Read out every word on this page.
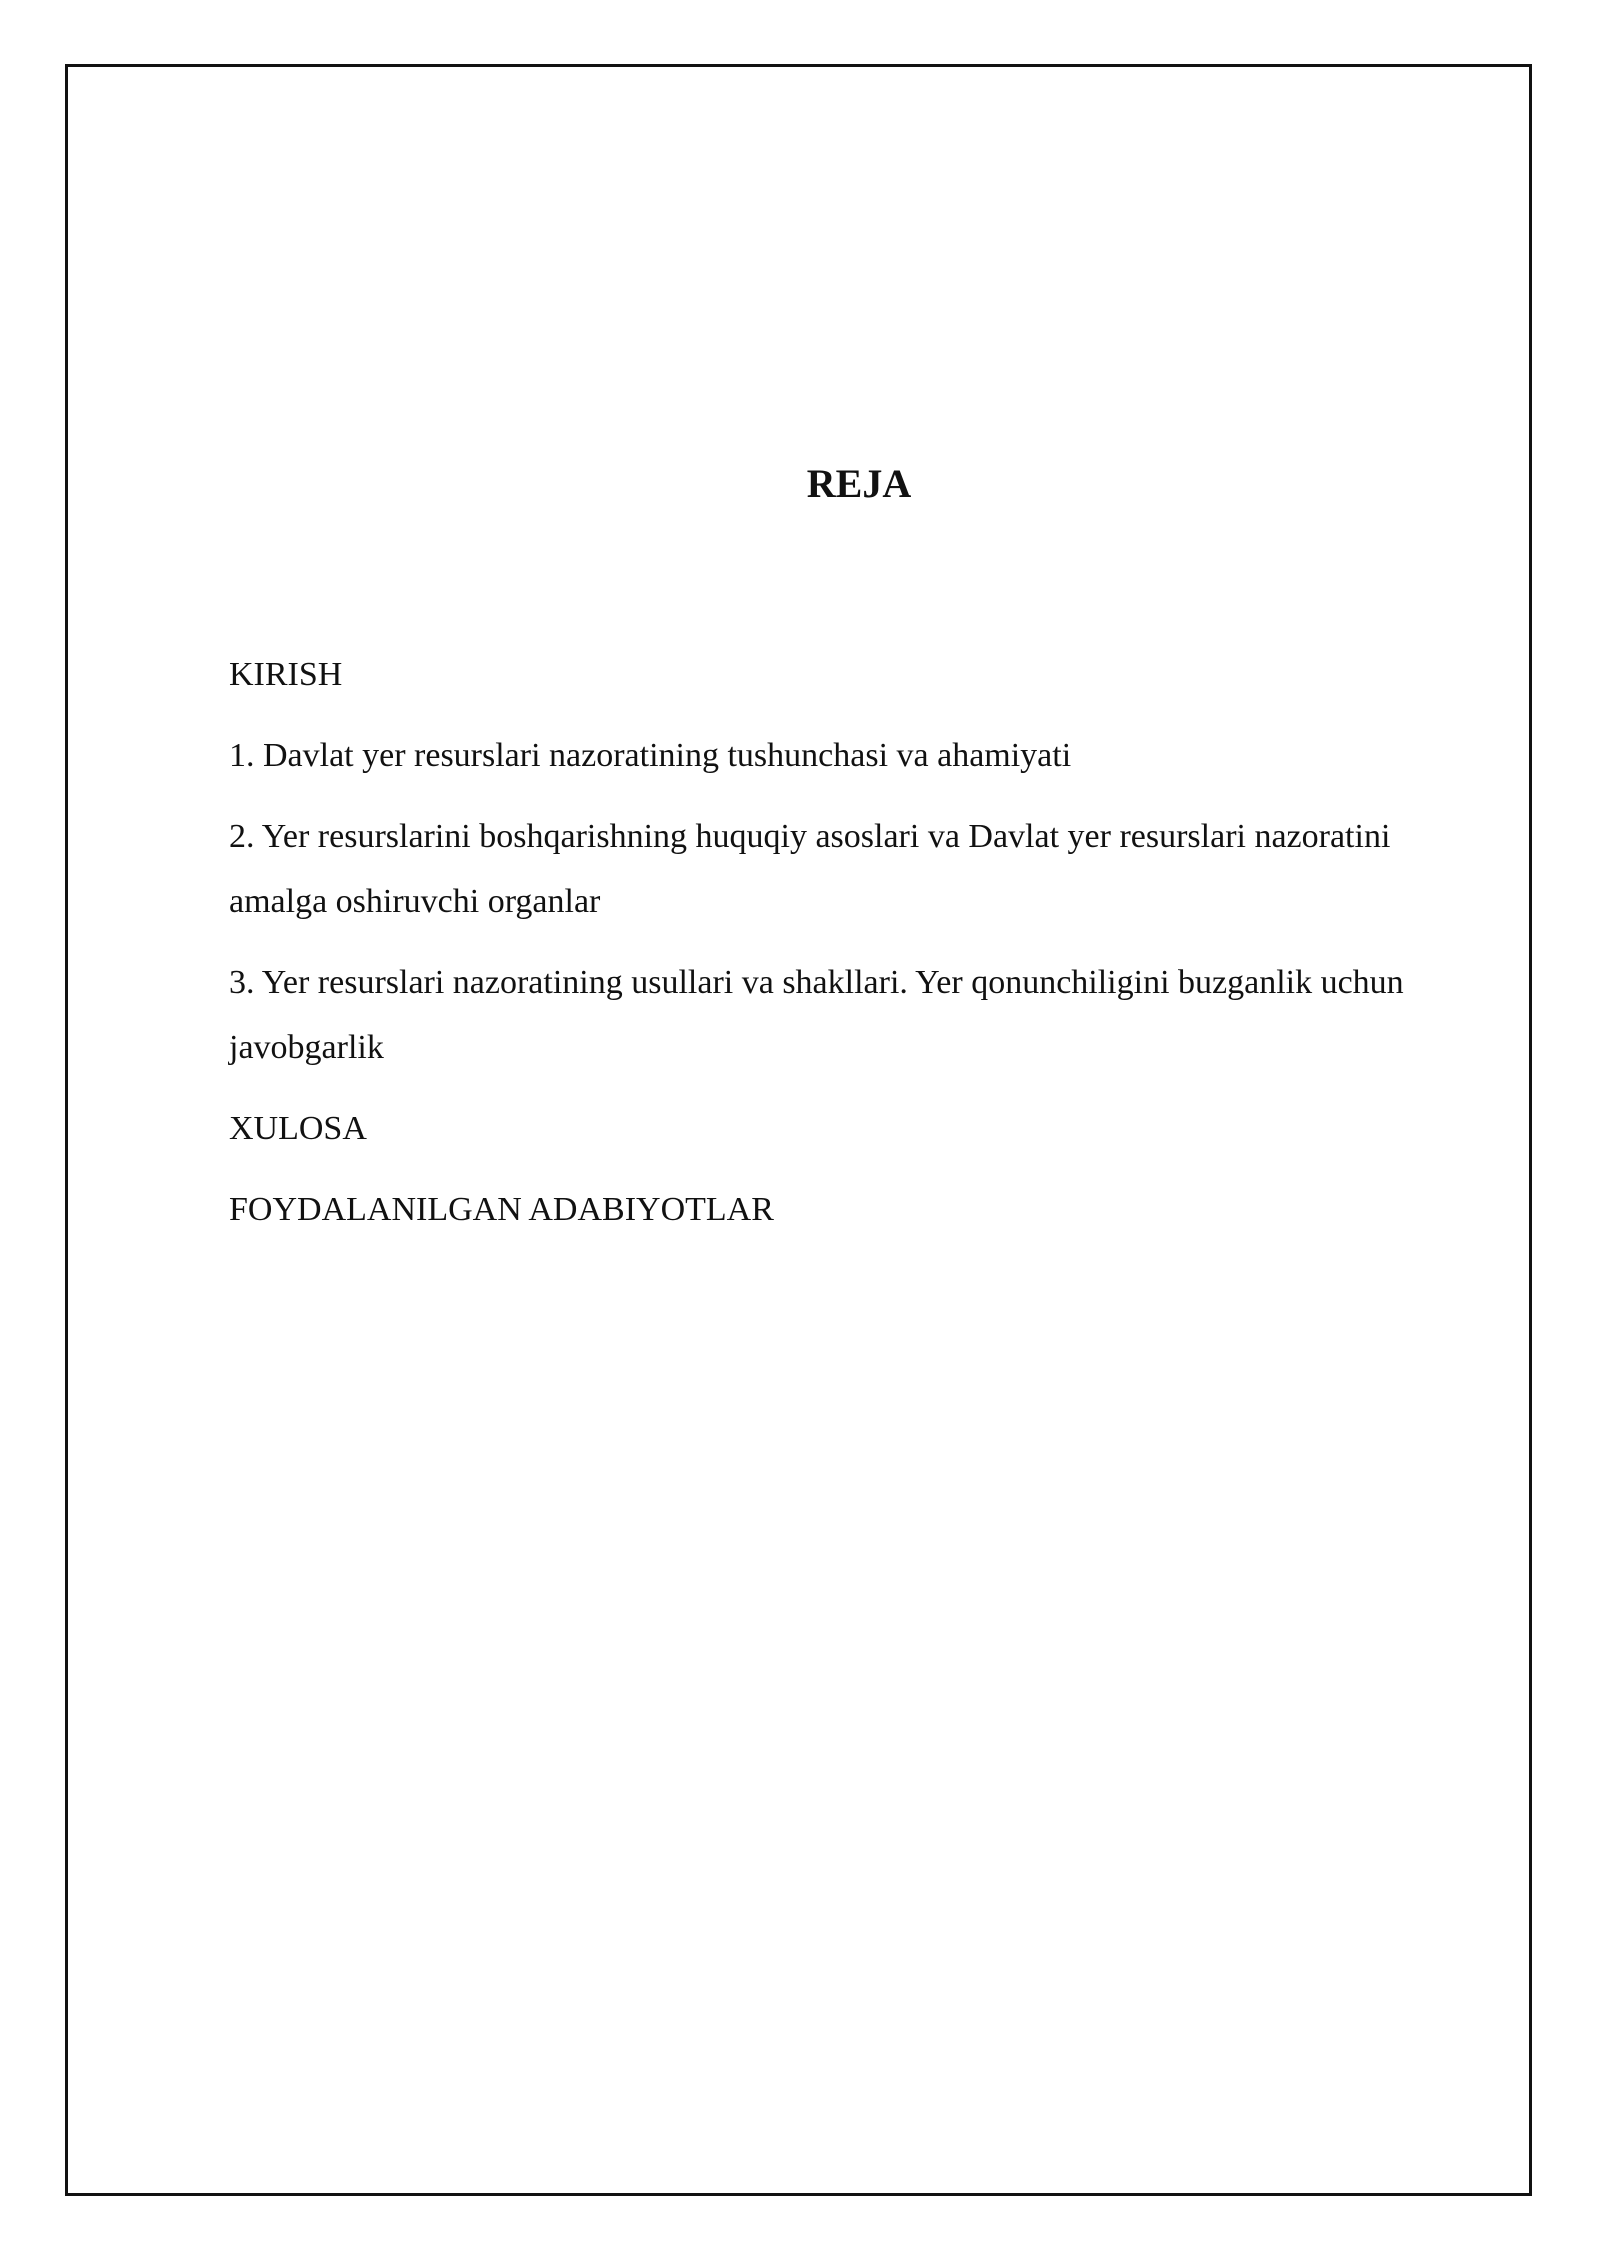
REJA
KIRISH
1. Davlat yer resurslari nazoratining tushunchasi va ahamiyati
2. Yer resurslarini boshqarishning huquqiy asoslari va Davlat yer resurslari nazoratini amalga oshiruvchi organlar
3. Yer resurslari nazoratining usullari va shakllari. Yer qonunchiligini buzganlik uchun javobgarlik
XULOSA
FOYDALANILGAN ADABIYOTLAR
